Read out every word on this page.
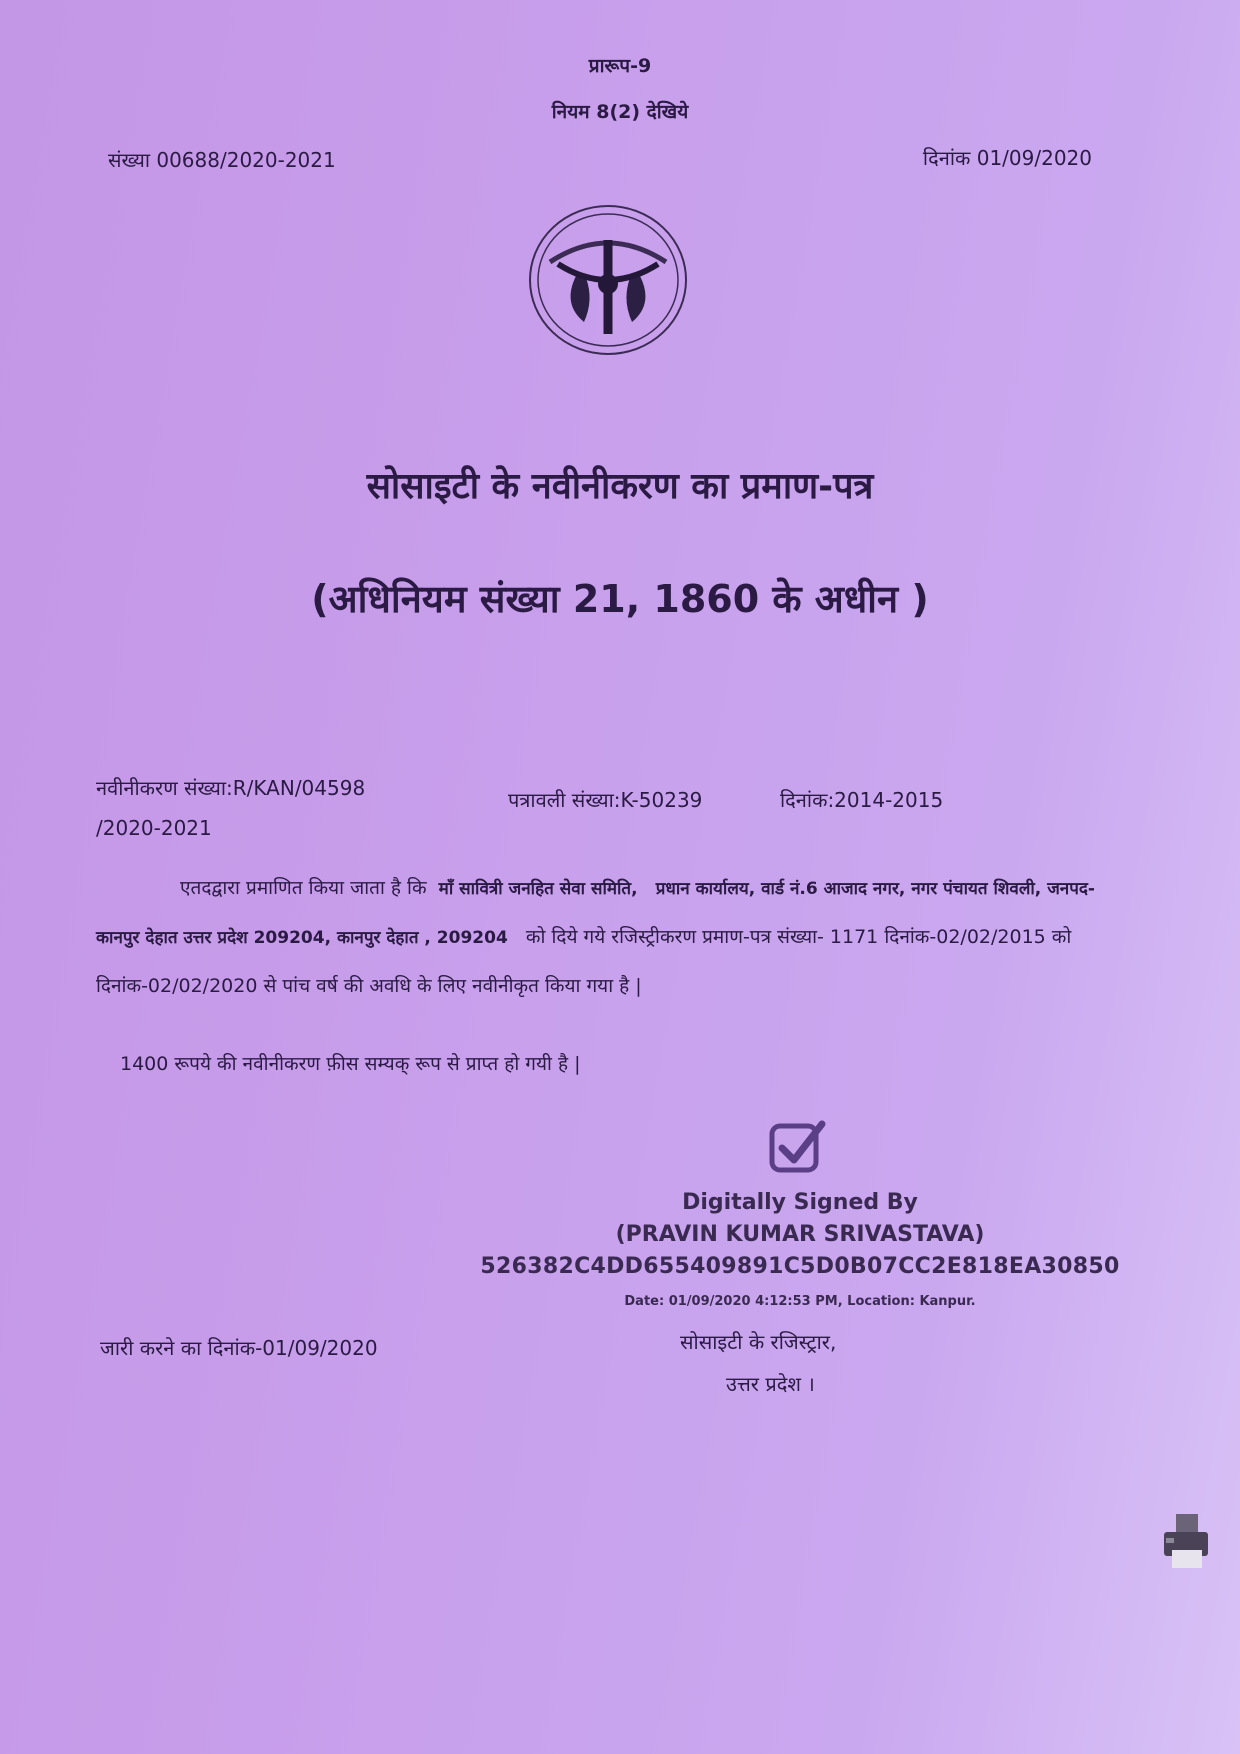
प्रारूप-9
नियम 8(2) देखिये
संख्या 00688/2020-2021	दिनांक 01/09/2020
सोसाइटी के नवीनीकरण का प्रमाण-पत्र
(अधिनियम संख्या 21, 1860 के अधीन )
नवीनीकरण संख्या:R/KAN/04598
/2020-2021
पत्रावली संख्या:K-50239	दिनांक:2014-2015
एतदद्वारा प्रमाणित किया जाता है कि माँ सावित्री जनहित सेवा समिति, प्रधान कार्यालय, वार्ड नं.6 आजाद नगर, नगर पंचायत शिवली, जनपद-कानपुर देहात उत्तर प्रदेश 209204, कानपुर देहात , 209204 को दिये गये रजिस्ट्रीकरण प्रमाण-पत्र संख्या- 1171 दिनांक-02/02/2015 को दिनांक-02/02/2020 से पांच वर्ष की अवधि के लिए नवीनीकृत किया गया है |
1400 रूपये की नवीनीकरण फ़ीस सम्यक् रूप से प्राप्त हो गयी है |
Digitally Signed By
(PRAVIN KUMAR SRIVASTAVA)
526382C4DD655409891C5D0B07CC2E818EA30850
Date: 01/09/2020 4:12:53 PM, Location: Kanpur.
जारी करने का दिनांक-01/09/2020	सोसाइटी के रजिस्ट्रार,
उत्तर प्रदेश ।
